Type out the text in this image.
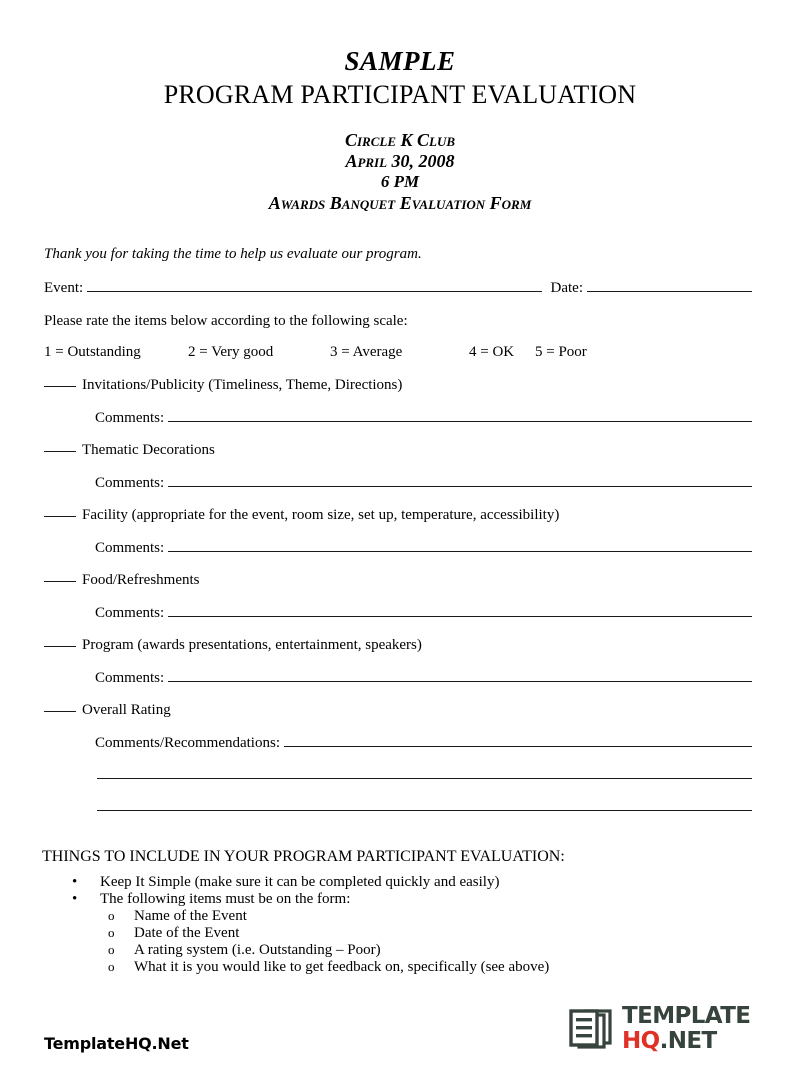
SAMPLE
PROGRAM PARTICIPANT EVALUATION
Circle K Club
April 30, 2008
6 PM
Awards Banquet Evaluation Form
Thank you for taking the time to help us evaluate our program.
Event:	Date:
Please rate the items below according to the following scale:
1 = Outstanding	2 = Very good	3 = Average	4 = OK 5 = Poor
Invitations/Publicity (Timeliness, Theme, Directions)
Comments:
Thematic Decorations
Comments:
Facility (appropriate for the event, room size, set up, temperature, accessibility)
Comments:
Food/Refreshments
Comments:
Program (awards presentations, entertainment, speakers)
Comments:
Overall Rating
Comments/Recommendations:
THINGS TO INCLUDE IN YOUR PROGRAM PARTICIPANT EVALUATION:
•	Keep It Simple (make sure it can be completed quickly and easily)
•	The following items must be on the form:
o	Name of the Event
o	Date of the Event
o	A rating system (i.e. Outstanding – Poor)
o	What it is you would like to get feedback on, specifically (see above)
TemplateHQ.Net
TEMPLATE
HQ.NET
